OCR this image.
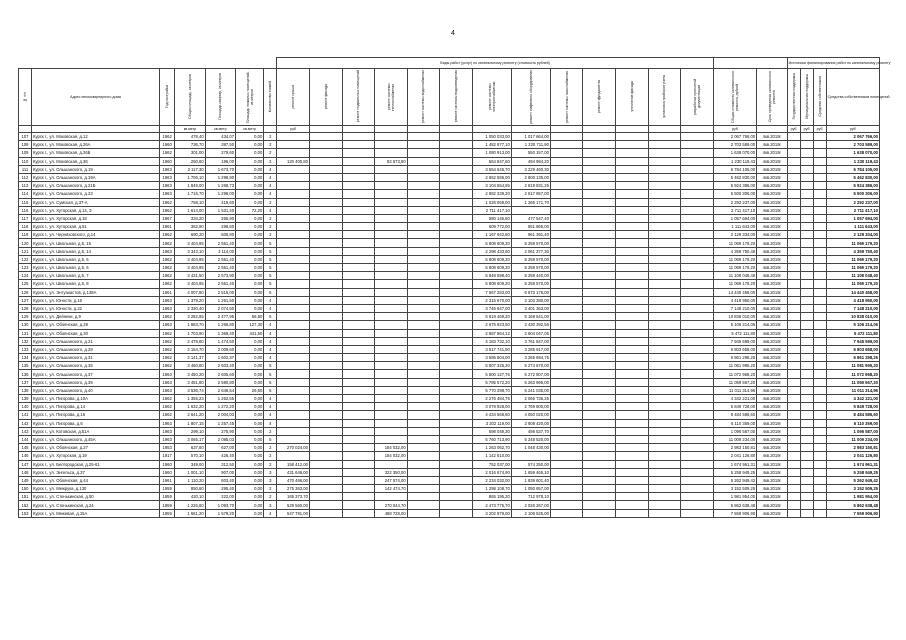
4
							Виды работ (услуг) по капитальному ремонту (стоимость рублей)															Источники финансирования работ по капитальному ремонту			
№ п/п	Адрес многоквартирного дома	Год постройки	Общая площадь, кв.метров	Площадь квартир, кв.метров	Площадь нежилых помещений, кв.метров	Количество этажей	ремонт крыши	ремонт фасада	ремонт подвальных помещений	ремонт системы теплоснабжения	ремонт системы водоснабжения	ремонт системы водоотведения	ремонт системы электроснабжения	ремонт лифтового оборудования	ремонт системы газоснабжения	ремонт фундамента	утепление фасада	установка приборов учета	разработка проектной документации	Общая стоимость капитального ремонта, рублей	Срок проведения капитального ремонта	Государственная поддержка	Муниципальная поддержка	Средства собственников	Средства собственников помещений
			кв.метр	кв.метр	кв.метр		руб													руб		руб	руб	руб	руб
107	Курск г., ул. Моковская, д.12	1962	478,40	434,07	0,00	2							1 050 033,00	1 017 664,00						2 067 766,00	4кв.2019г				2 067 766,00
108	Курск г., ул. Моковская, д.26А	1960	736,70	397,50	0,00	2							1 482 877,10	1 220 711,90						2 703 589,00	4кв.2019г				2 703 589,00
109	Курск г., ул. Моковская, д.26Б	1962	301,00	279,60	0,00	2							1 080 913,00	550 157,00						1 638 070,00	4кв.2019г				1 638 070,00
110	Курск г., ул. Моковская, д.36	1960	250,60	196,00	0,00	2	120 400,80			82 573,80			564 847,60	494 994,20						1 230 119,43	4кв.2019г				1 230 119,43
111	Курск г., ул. Ольшанского, д.19	1963	2 117,30	1 673,70	0,00	4							3 554 645,70	3 229 460,30						6 784 105,00	4кв.2019г				6 784 105,00
112	Курск г., ул. Ольшанского, д.19А	1963	1 706,10	1 298,90	0,00	4							2 862 595,00	2 600 135,00						5 462 830,00	4кв.2019г				5 462 830,00
113	Курск г., ул. Ольшанского, д.21Б	1963	1 849,00	1 268,73	0,00	4							3 104 554,65	2 819 831,25						5 924 386,00	4кв.2019г				5 924 386,00
114	Курск г., ул. Ольшанского, д.23	1963	1 716,70	1 298,00	0,00	4							2 882 339,20	2 617 857,00						5 500 306,00	4кв.2019г				5 500 306,00
115	Курск г., ул. Сумская, д.37-А	1962	758,10	419,60	0,00	2							1 026 059,00	1 266 171,70						2 292 237,00	4кв.2019г				2 292 237,00
116	Курск г., ул. Хуторская, д.14, З	1962	1 614,00	1 531,40	72,20	4							2 711 417,10							2 711 417,10	4кв.2019г				2 711 417,10
117	Курск г., ул. Хуторская, д.18	1967	334,20	265,90	0,00	2							580 146,60	477 547,40						1 057 694,00	4кв.2019г				1 057 694,00
118	Курск г., ул. Хуторская, д.51	1961	362,90	298,60	0,00	2							609 772,00	551 865,00						1 111 643,00	4кв.2019г				1 111 643,00
119	Курск г., ул. Черняховского, д.14	1962	690,20	506,80	0,00	2							1 167 942,60	961 391,40						2 129 334,00	4кв.2019г				2 129 334,00
120	Курск г., ул. Школьная, д.5, 15	1962	3 404,85	2 561,40	0,00	5							5 808 609,20	5 259 570,00						11 069 179,20	4кв.2019г				11 069 179,20
121	Курск г., ул. Школьная, д.5, 14	1963	3 343,10	3 114,00	0,00	5							2 298 433,60	2 061 377,30						4 359 750,40	4кв.2019г				4 359 750,40
122	Курск г., ул. Школьная, д.5, 5	1962	3 404,85	2 561,40	0,00	5							5 808 609,20	5 259 570,00						11 069 179,20	4кв.2019г				11 069 179,20
123	Курск г., ул. Школьная, д.5, 6	1962	3 404,85	2 561,40	0,00	5							5 808 609,20	5 259 570,00						11 069 179,20	4кв.2019г				11 069 179,20
124	Курск г., ул. Школьная, д.5, 7	1962	3 431,50	2 573,90	0,00	5							5 848 598,40	5 259 440,00						11 108 048,40	4кв.2019г				11 108 048,40
125	Курск г., ул. Школьная, д.5, 8	1962	3 404,85	2 561,40	0,00	5							5 808 609,20	5 259 570,00						11 069 179,20	4кв.2019г				11 069 179,20
126	Курск г., ул. Энтузиастов, д.138А	1961	4 007,80	2 516,00	0,00	5							7 567 283,00	6 873 175,00						14 440 458,00	4кв.2019г				14 440 458,00
127	Курск г., ул. Юности, д.16	1963	1 379,20	1 261,50	0,00	4							2 315 670,00	2 103 280,00						4 418 950,00	4кв.2019г				4 418 950,00
128	Курск г., ул. Юности, д.22	1963	2 330,40	2 074,50	0,00	4							3 746 847,00	3 401 363,00						7 148 210,00	4кв.2019г				7 148 210,00
129	Курск г., ул. Дейнеки, д.9	1962	3 282,85	2 477,95	56,80	5							5 619 469,20	5 168 541,00						10 838 010,00	4кв.2019г				10 838 010,00
130	Курск г., ул. Обоянская, д.28	1963	1 683,70	1 266,80	127,30	4							2 675 923,50	2 430 392,56						5 106 214,06	4кв.2019г				5 106 214,06
131	Курск г., ул. Обоянская, д.30	1962	1 703,90	1 369,40	441,50	4							2 887 864,12	2 604 047,05						5 472 111,80	4кв.2019г				5 472 111,80
132	Курск г., ул. Ольшанского, д.21	1962	2 479,80	1 474,50	0,00	4							4 183 732,10	3 761 847,00						7 945 599,00	4кв.2019г				7 945 599,00
133	Курск г., ул. Ольшанского, д.29	1962	2 154,70	2 009,60	0,00	4							3 517 741,50	3 285 917,00						6 803 658,00	4кв.2019г				6 803 658,00
134	Курск г., ул. Ольшанского, д.31	1962	2 141,37	1 602,37	0,00	4							3 595 604,00	3 265 694,75						6 861 298,25	4кв.2019г				6 861 298,25
135	Курск г., ул. Ольшанского, д.35	1962	3 460,80	2 603,40	0,00	5							5 807 325,20	5 274 670,00						11 081 995,20	4кв.2019г				11 081 995,20
136	Курск г., ул. Ольшанского, д.37	1963	3 450,20	2 605,60	0,00	5							5 800 127,76	5 272 807,00						11 072 968,20	4кв.2019г				11 072 968,20
137	Курск г., ул. Ольшанского, д.39	1963	3 451,80	2 590,80	0,00	5							5 795 572,20	5 263 995,00						11 059 567,20	4кв.2019г				11 059 567,20
138	Курск г., ул. Ольшанского, д.40	1963	3 536,74	2 646,54	26,50	5							5 770 298,70	5 241 035,00						11 011 314,96	4кв.2019г				11 011 314,96
139	Курск г., ул. Пигорова, д.10А	1962	1 355,23	1 262,55	0,00	4							2 276 484,75	2 066 736,25						4 342 221,00	4кв.2019г				4 342 221,00
140	Курск г., ул. Пигорова, д.14	1962	1 632,20	1 272,20	0,00	4							3 079 928,00	2 769 800,00						5 849 728,00	4кв.2019г				5 849 728,00
141	Курск г., ул. Пигорова, д.16	1962	2 641,20	2 004,03	0,00	4							4 434 566,60	4 050 020,00						8 484 586,60	4кв.2019г				8 484 586,60
142	Курск г., ул. Пигорова, д.6	1963	1 807,15	1 257,45	0,00	4							3 202 119,00	2 908 420,00						6 110 359,00	4кв.2019г				6 110 359,00
143	Курск г., ул. Котовская, д.51А	1963	299,10	275,90	0,00	2							598 049,30	498 537,70						1 096 587,00	4кв.2019г				1 096 587,00
144	Курск г., ул. Ольшанского, д.45А	1963	3 065,17	2 085,03	0,00	5							5 760 713,90	5 248 520,00						11 009 234,00	4кв.2019г				11 009 234,00
145	Курск г., ул. Обоянская, д.27	1953	637,60	627,00	0,00	2	270 024,00			184 032,00			1 263 062,70	1 048 430,00						2 983 150,81	4кв.2019г				2 983 150,81
146	Курск г., ул. Хуторская, д.19	1917	570,10	426,40	0,00	2				184 032,00			1 142 610,00							2 041 126,80	4кв.2019г				2 041 126,80
147	Курск г., ул. Белгородская, д.25-61	1960	349,00	312,50	0,00	2	158 412,00						752 037,00	574 250,00						1 674 961,31	4кв.2019г				1 674 961,31
148	Курск г., ул. Энгельса, д.37	1960	1 001,10	907,00	0,00	3	431 646,00			322 350,00			2 016 674,90	1 659 465,10						5 258 949,25	4кв.2019г				5 258 949,25
149	Курск г., ул. Обоянская, д.44	1961	1 110,20	603,40	0,00	3	470 466,00			247 574,00			2 234 032,00	1 839 601,40						5 262 949,42	4кв.2019г				5 262 949,42
150	Курск г., ул. Межрука, д.130	1959	850,60	295,40	0,00	2	275 363,00			142 474,70			1 298 108,70	1 050 657,00						3 152 509,25	4кв.2019г				3 152 509,25
151	Курск г., ул. Стенькинская, д.50	1959	420,10	222,00	0,00	2	165 373,70						865 195,20	712 978,10						1 981 954,00	4кв.2019г				1 981 954,00
152	Курск г., ул. Стенькинская, д.24	1959	1 226,60	1 093,70	0,00	3	529 560,00			270 044,70			2 473 775,70	2 026 267,00						5 862 638,48	4кв.2019г				5 862 638,48
153	Курск г., ул. Межевая, д.15А	1959	1 661,20	1 579,20	0,00	4	547 791,00			488 728,00			3 202 979,00	2 106 525,00						7 559 906,90	4кв.2019г				7 559 906,90
